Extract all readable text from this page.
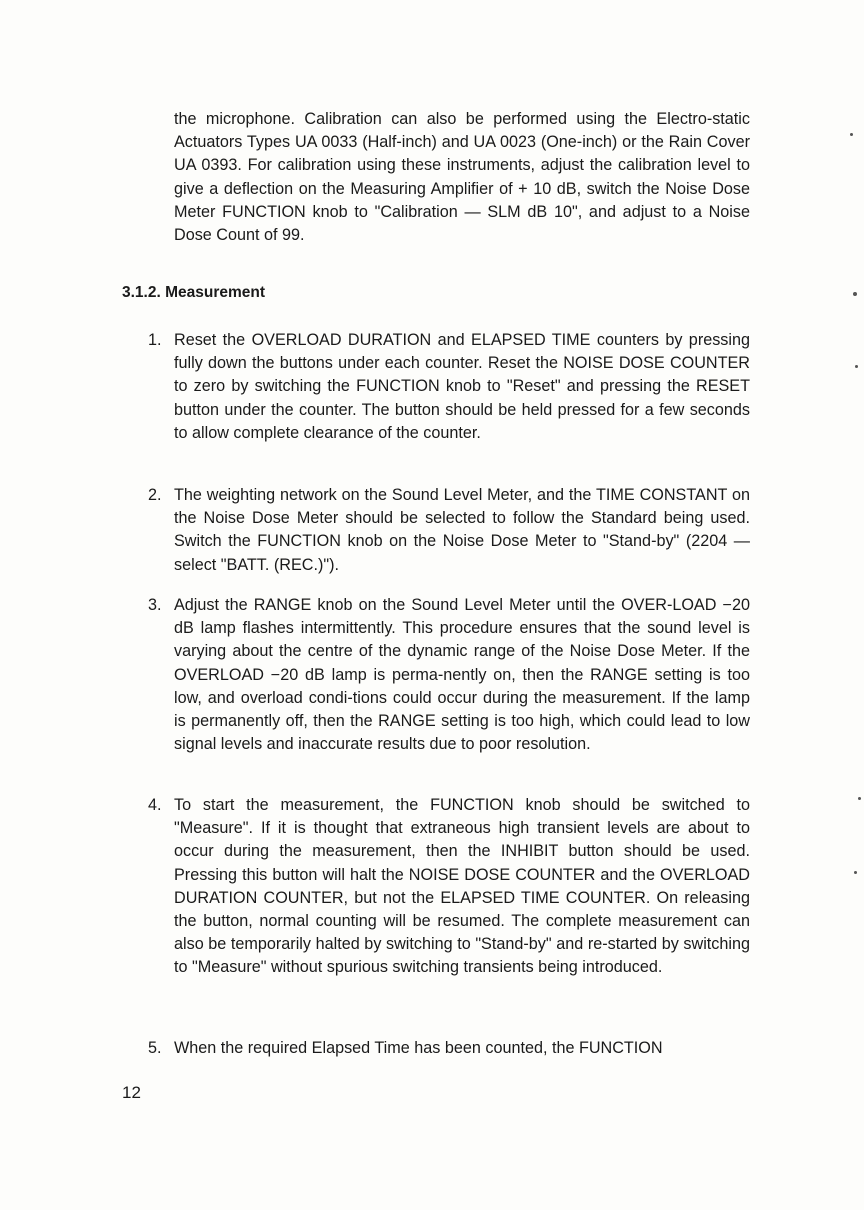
the microphone. Calibration can also be performed using the Electro-static Actuators Types UA 0033 (Half-inch) and UA 0023 (One-inch) or the Rain Cover UA 0393. For calibration using these instruments, adjust the calibration level to give a deflection on the Measuring Amplifier of + 10 dB, switch the Noise Dose Meter FUNCTION knob to "Calibration — SLM dB 10", and adjust to a Noise Dose Count of 99.

3.1.2. Measurement
1. Reset the OVERLOAD DURATION and ELAPSED TIME counters by pressing fully down the buttons under each counter. Reset the NOISE DOSE COUNTER to zero by switching the FUNCTION knob to "Reset" and pressing the RESET button under the counter. The button should be held pressed for a few seconds to allow complete clearance of the counter.

2. The weighting network on the Sound Level Meter, and the TIME CONSTANT on the Noise Dose Meter should be selected to follow the Standard being used. Switch the FUNCTION knob on the Noise Dose Meter to "Stand-by" (2204 — select "BATT. (REC.)").

3. Adjust the RANGE knob on the Sound Level Meter until the OVER-LOAD −20 dB lamp flashes intermittently. This procedure ensures that the sound level is varying about the centre of the dynamic range of the Noise Dose Meter. If the OVERLOAD −20 dB lamp is perma-nently on, then the RANGE setting is too low, and overload condi-tions could occur during the measurement. If the lamp is permanently off, then the RANGE setting is too high, which could lead to low signal levels and inaccurate results due to poor resolution.

4. To start the measurement, the FUNCTION knob should be switched to "Measure". If it is thought that extraneous high transient levels are about to occur during the measurement, then the INHIBIT button should be used. Pressing this button will halt the NOISE DOSE COUNTER and the OVERLOAD DURATION COUNTER, but not the ELAPSED TIME COUNTER. On releasing the button, normal counting will be resumed. The complete measurement can also be temporarily halted by switching to "Stand-by" and re-started by switching to "Measure" without spurious switching transients being introduced.

5. When the required Elapsed Time has been counted, the FUNCTION

12
